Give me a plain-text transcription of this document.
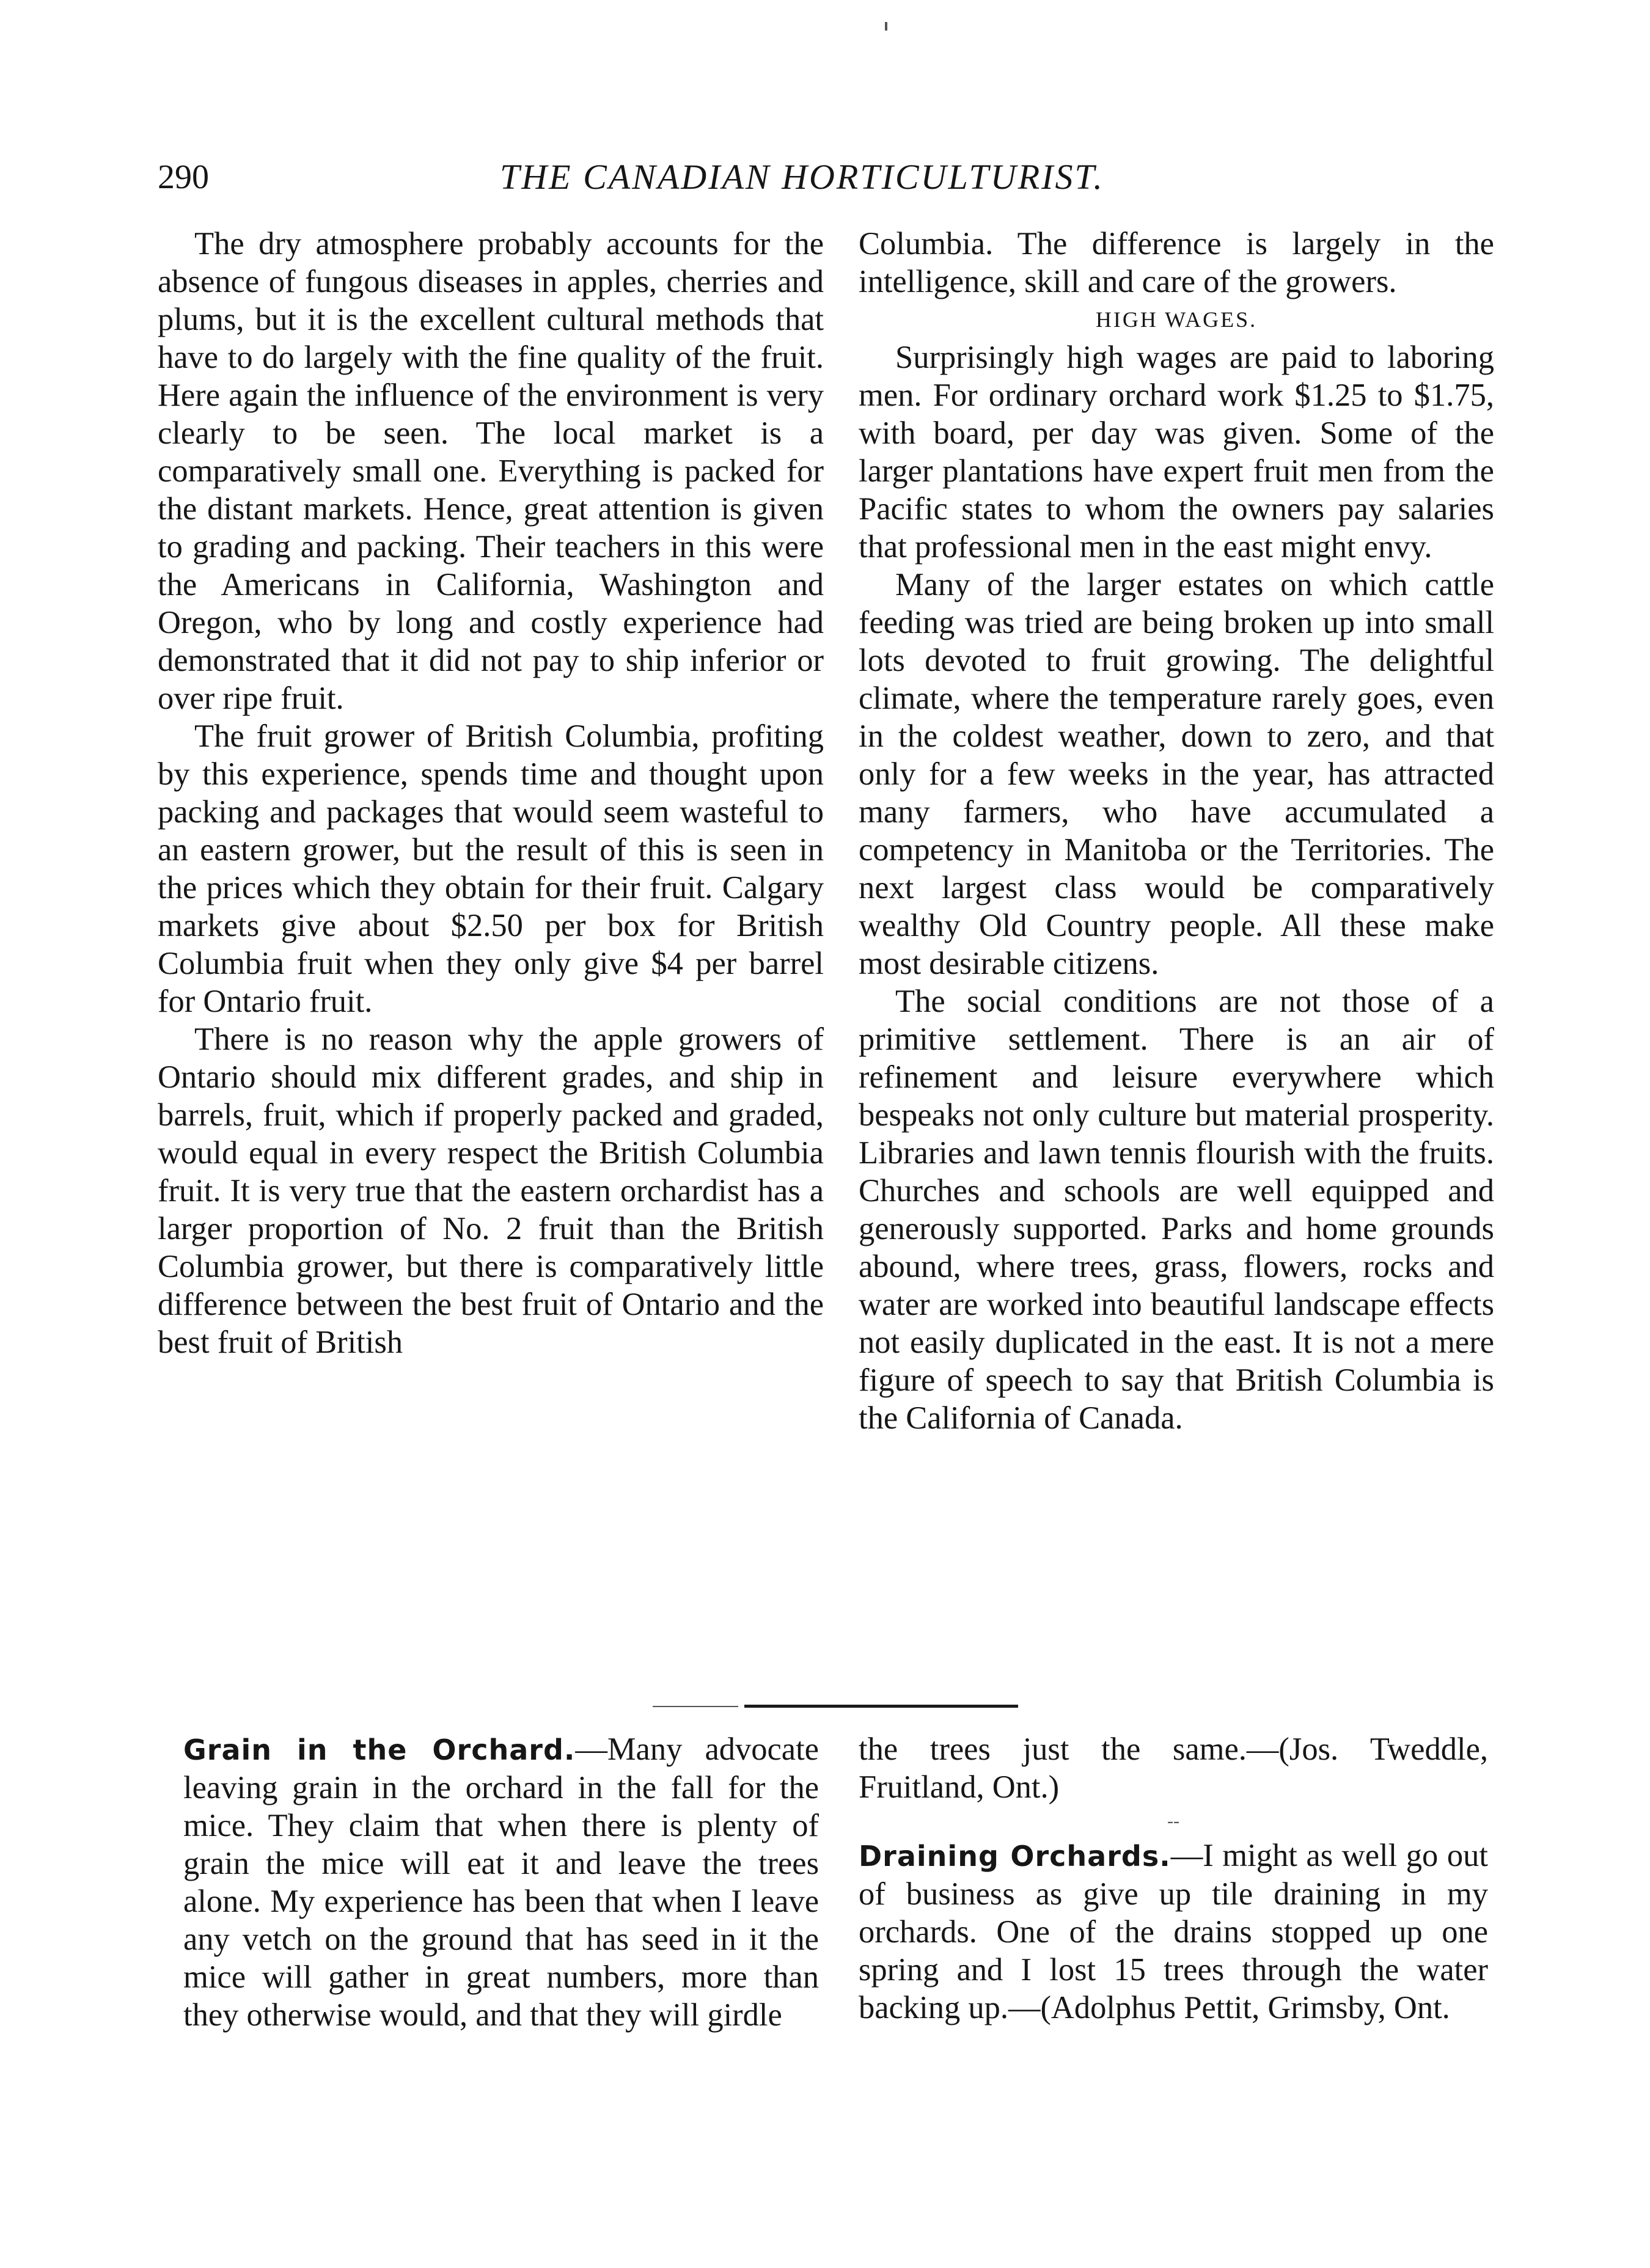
290	THE CANADIAN HORTICULTURIST.

The dry atmosphere probably accounts for the absence of fungous diseases in apples, cherries and plums, but it is the excellent cultural methods that have to do largely with the fine quality of the fruit. Here again the influence of the environment is very clearly to be seen. The local market is a comparatively small one. Everything is packed for the distant markets. Hence, great attention is given to grading and packing. Their teachers in this were the Americans in California, Washington and Oregon, who by long and costly experience had demonstrated that it did not pay to ship inferior or over ripe fruit.

The fruit grower of British Columbia, profiting by this experience, spends time and thought upon packing and packages that would seem wasteful to an eastern grower, but the result of this is seen in the prices which they obtain for their fruit. Calgary markets give about $2.50 per box for British Columbia fruit when they only give $4 per barrel for Ontario fruit.

There is no reason why the apple growers of Ontario should mix different grades, and ship in barrels, fruit, which if properly packed and graded, would equal in every respect the British Columbia fruit. It is very true that the eastern orchardist has a larger proportion of No. 2 fruit than the British Columbia grower, but there is comparatively little difference between the best fruit of Ontario and the best fruit of British

Columbia. The difference is largely in the intelligence, skill and care of the growers.

HIGH WAGES.

Surprisingly high wages are paid to laboring men. For ordinary orchard work $1.25 to $1.75, with board, per day was given. Some of the larger plantations have expert fruit men from the Pacific states to whom the owners pay salaries that professional men in the east might envy.

Many of the larger estates on which cattle feeding was tried are being broken up into small lots devoted to fruit growing. The delightful climate, where the temperature rarely goes, even in the coldest weather, down to zero, and that only for a few weeks in the year, has attracted many farmers, who have accumulated a competency in Manitoba or the Territories. The next largest class would be comparatively wealthy Old Country people. All these make most desirable citizens.

The social conditions are not those of a primitive settlement. There is an air of refinement and leisure everywhere which bespeaks not only culture but material prosperity. Libraries and lawn tennis flourish with the fruits. Churches and schools are well equipped and generously supported. Parks and home grounds abound, where trees, grass, flowers, rocks and water are worked into beautiful landscape effects not easily duplicated in the east. It is not a mere figure of speech to say that British Columbia is the California of Canada.

Grain in the Orchard.—Many advocate leaving grain in the orchard in the fall for the mice. They claim that when there is plenty of grain the mice will eat it and leave the trees alone. My experience has been that when I leave any vetch on the ground that has seed in it the mice will gather in great numbers, more than they otherwise would, and that they will girdle

the trees just the same.—(Jos. Tweddle, Fruitland, Ont.)

--

Draining Orchards.—I might as well go out of business as give up tile draining in my orchards. One of the drains stopped up one spring and I lost 15 trees through the water backing up.—(Adolphus Pettit, Grimsby, Ont.
